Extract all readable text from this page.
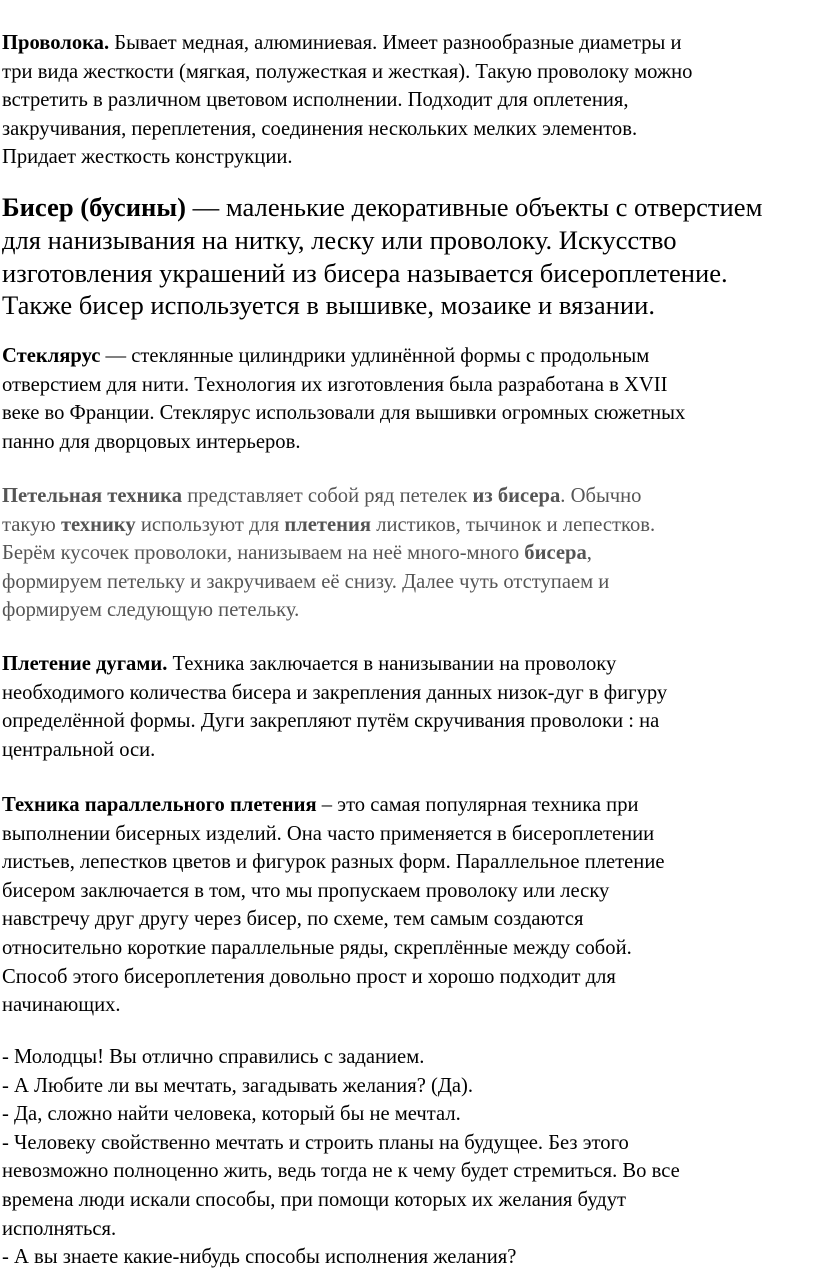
Проволока. Бывает медная, алюминиевая. Имеет разнообразные диаметры и
три вида жесткости (мягкая, полужесткая и жесткая). Такую проволоку можно
встретить в различном цветовом исполнении. Подходит для оплетения,
закручивания, переплетения, соединения нескольких мелких элементов.
Придает жесткость конструкции.

Бисер (бусины) — маленькие декоративные объекты с отверстием
для нанизывания на нитку, леску или проволоку. Искусство
изготовления украшений из бисера называется бисероплетение.
Также бисер используется в вышивке, мозаике и вязании.

Стеклярус — стеклянные цилиндрики удлинённой формы с продольным
отверстием для нити. Технология их изготовления была разработана в XVII
веке во Франции. Стеклярус использовали для вышивки огромных сюжетных
панно для дворцовых интерьеров.

Петельная техника представляет собой ряд петелек из бисера. Обычно
такую технику используют для плетения листиков, тычинок и лепестков.
Берём кусочек проволоки, нанизываем на неё много-много бисера,
формируем петельку и закручиваем её снизу. Далее чуть отступаем и
формируем следующую петельку.

Плетение дугами. Техника заключается в нанизывании на проволоку
необходимого количества бисера и закрепления данных низок-дуг в фигуру
определённой формы. Дуги закрепляют путём скручивания проволоки : на
центральной оси.

Техника параллельного плетения – это самая популярная техника при
выполнении бисерных изделий. Она часто применяется в бисероплетении
листьев, лепестков цветов и фигурок разных форм. Параллельное плетение
бисером заключается в том, что мы пропускаем проволоку или леску
навстречу друг другу через бисер, по схеме, тем самым создаются
относительно короткие параллельные ряды, скреплённые между собой.
Способ этого бисероплетения довольно прост и хорошо подходит для
начинающих.

- Молодцы! Вы отлично справились с заданием.
- А Любите ли вы мечтать, загадывать желания? (Да).
- Да, сложно найти человека, который бы не мечтал.
- Человеку свойственно мечтать и строить планы на будущее. Без этого
невозможно полноценно жить, ведь тогда не к чему будет стремиться. Во все
времена люди искали способы, при помощи которых их желания будут
исполняться.
- А вы знаете какие-нибудь способы исполнения желания?
